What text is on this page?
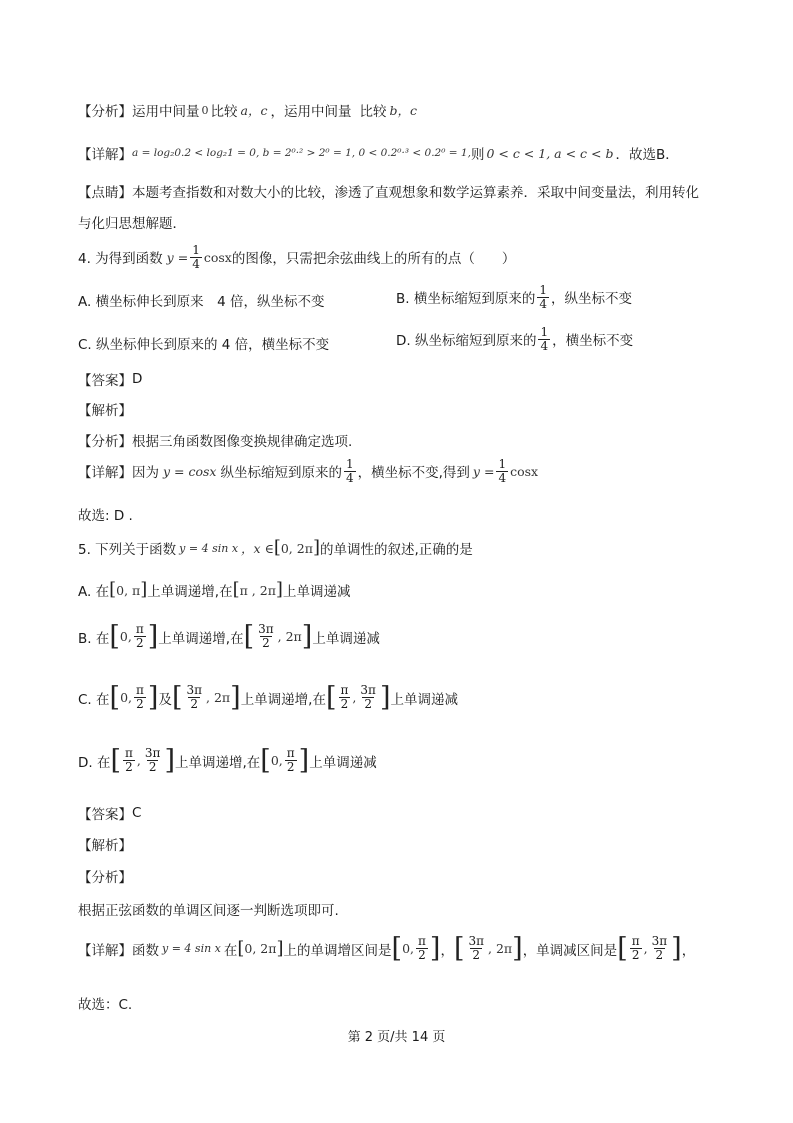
【分析】 运用中间量 0 比较 a，c ，运用中间量 比较 b，c
【详解】 a = log₂0.2 < log₂1 = 0, b = 2⁰·² > 2⁰ = 1, 0 < 0.2⁰·³ < 0.2⁰ = 1, 则 0 < c < 1, a < c < b ．故选 B．
【点睛】 本题考查指数和对数大小的比较，渗透了直观想象和数学运算素养．采取中间变量法，利用转化
与化归思想解题．
4. 为得到函数 $y = \frac{1}{4}$ cosx 的图像，只需把余弦曲线上的所有的点（　　）
A. 横坐标伸长到原来　4 倍，纵坐标不变	B. 横坐标缩短到原来的 $\frac{1}{4}$ ，纵坐标不变
C. 纵坐标伸长到原来的 4 倍，横坐标不变	D. 纵坐标缩短到原来的 $\frac{1}{4}$ ，横坐标不变
【答案】 D
【解析】
【分析】 根据三角函数图像变换规律确定选项.
【详解】 因为 y = cosx 纵坐标缩短到原来的 $\frac{1}{4}$ ，横坐标不变,得到 $y = \frac{1}{4}$ cosx
故选: D .
5. 下列关于函数 y = 4 sin x ，x ∈ [ 0, 2π ] 的单调性的叙述,正确的是
A. 在 [ 0, π ] 上单调递增,在 [ π , 2π ] 上单调递减
B. 在 [ 0, $\frac{\pi}{2}$ ] 上单调递增,在 [ $\frac{3\pi}{2}$ , 2π ] 上单调递减
C. 在 [ 0, $\frac{\pi}{2}$ ] 及 [ $\frac{3\pi}{2}$ , 2π ] 上单调递增,在 [ $\frac{\pi}{2}$ , $\frac{3\pi}{2}$ ] 上单调递减
D. 在 [ $\frac{\pi}{2}$ , $\frac{3\pi}{2}$ ] 上单调递增,在 [ 0, $\frac{\pi}{2}$ ] 上单调递减
【答案】 C
【解析】
【分析】
根据正弦函数的单调区间逐一判断选项即可.
【详解】 函数 y = 4 sin x 在 [ 0, 2π ] 上的单调增区间是 [ 0, $\frac{\pi}{2}$ ] ， [ $\frac{3\pi}{2}$ , 2π ] ，单调减区间是 [ $\frac{\pi}{2}$ , $\frac{3\pi}{2}$ ] ，
故选：C.
第 2 页/共 14 页
